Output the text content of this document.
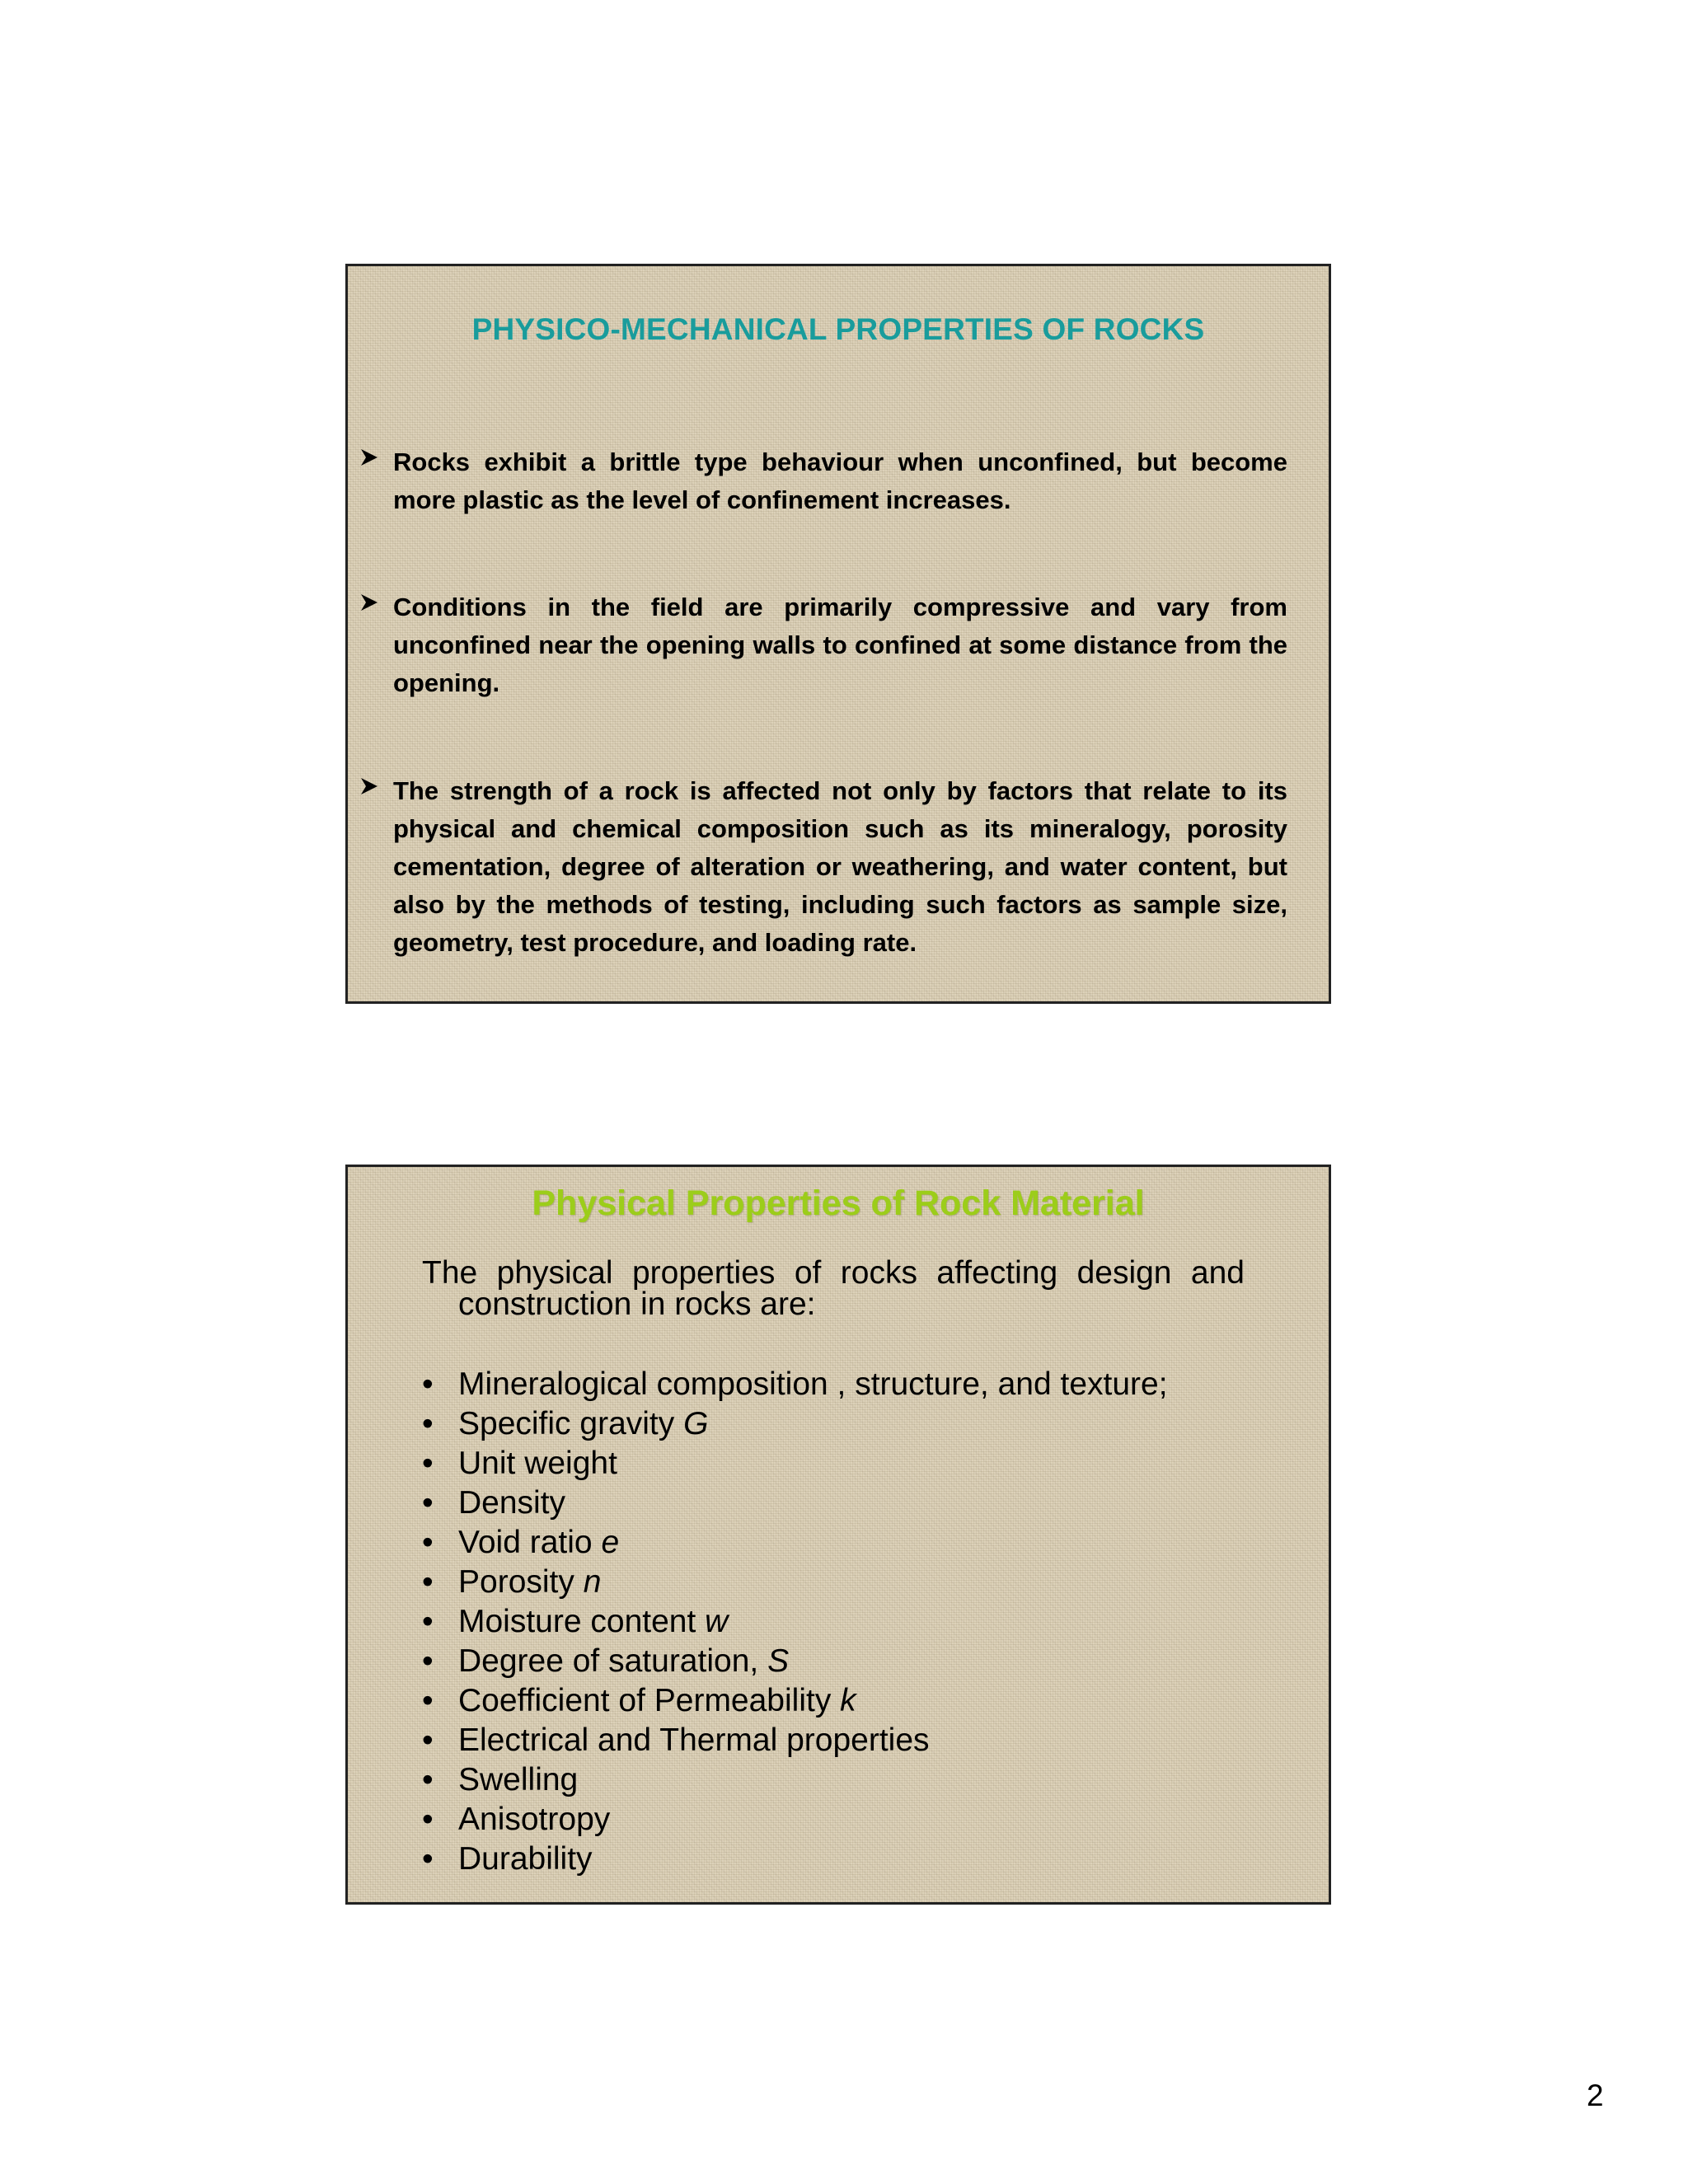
PHYSICO-MECHANICAL PROPERTIES OF ROCKS
Rocks exhibit a brittle type behaviour when unconfined, but become more plastic as the level of confinement increases.
Conditions in the field are primarily compressive and vary from unconfined near the opening walls to confined at some distance from the opening.
The strength of a rock is affected not only by factors that relate to its physical and chemical composition such as its mineralogy, porosity cementation, degree of alteration or weathering, and water content, but also by the methods of testing, including such factors as sample size, geometry, test procedure, and loading rate.
Physical Properties of Rock Material
The physical properties of rocks affecting design and
construction in rocks are:
• Mineralogical composition , structure, and texture;
• Specific gravity G
• Unit weight
• Density
• Void ratio e
• Porosity n
• Moisture content w
• Degree of saturation, S
• Coefficient of Permeability k
• Electrical and Thermal properties
• Swelling
• Anisotropy
• Durability
2
